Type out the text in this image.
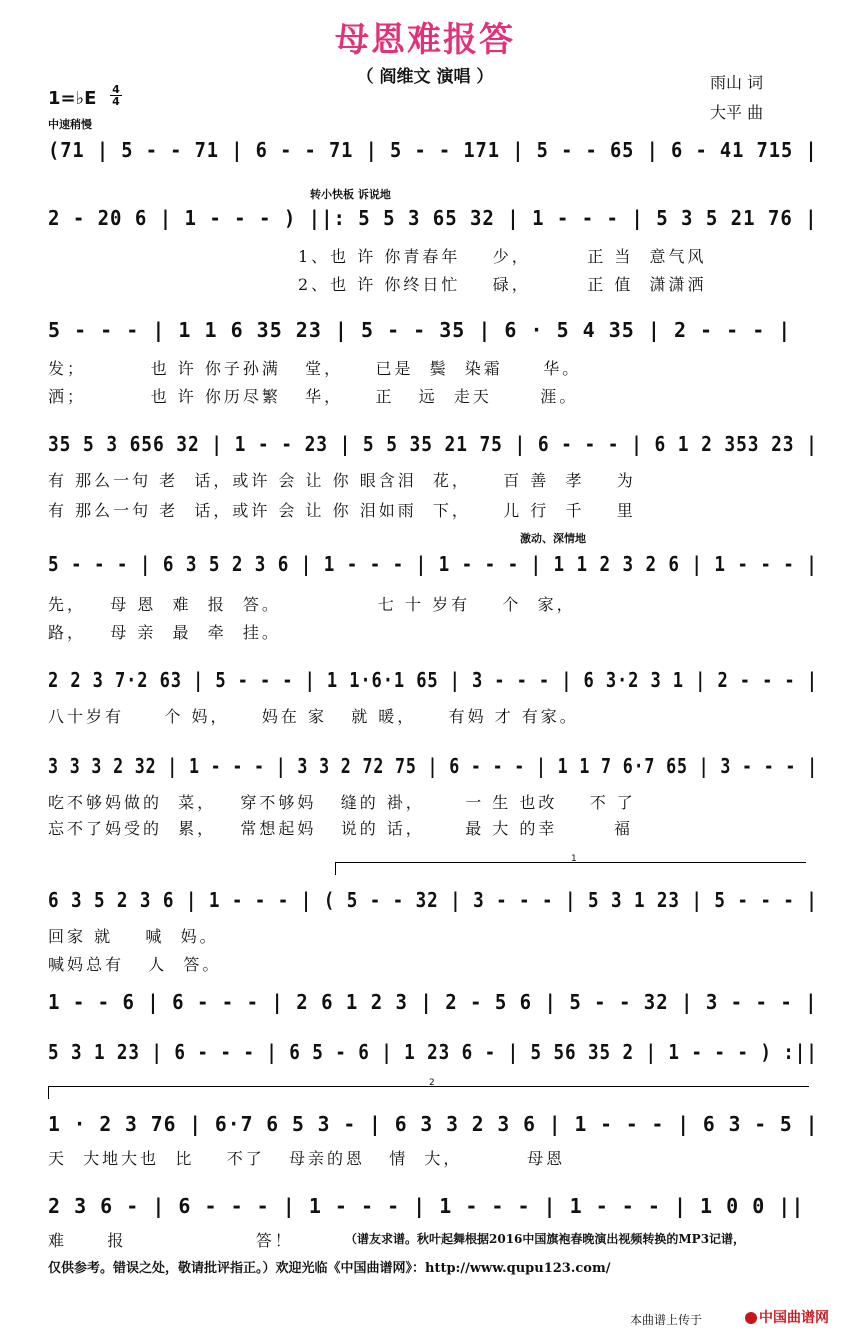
母恩难报答
（ 阎维文 演唱 ）	雨山 词
大平 曲
1=♭E $\frac{4}{4}$
中速稍慢
(71 | 5 - - 71 | 6 - - 71 | 5 - - 171 | 5 - - 65 | 6 - 41 715 |
转小快板 诉说地
2 - 20 6 | 1 - - - ) ||: 5 5 3 65 32 | 1 - - - | 5 3 5 21 76 |
1、也 许 你青春年    少，       正 当  意气风
2、也 许 你终日忙    碌，       正 值  潇潇洒
5 - - - | 1 1 6 35 23 | 5 - - 35 | 6 · 5 4 35 | 2 - - - |
发；        也 许 你子孙满   堂，    已是  鬓  染霜     华。
洒；        也 许 你历尽繁   华，    正   远  走天      涯。
35 5 3 656 32 | 1 - - 23 | 5 5 35 21 75 | 6 - - - | 6 1 2 353 23 |
有 那么一句 老  话，或许 会 让 你 眼含泪  花，    百 善  孝    为
有 那么一句 老  话，或许 会 让 你 泪如雨  下，    儿 行  千    里
激动、深情地
5 - - - | 6 3 5 2 3 6 | 1 - - - | 1 - - - | 1 1 2 3 2 6 | 1 - - - |
先，   母 恩  难  报  答。            七 十 岁有    个  家，
路，   母 亲  最  牵  挂。
2 2 3 7·2 63 | 5 - - - | 1 1·6·1 65 | 3 - - - | 6 3·2 3 1 | 2 - - - |
八十岁有     个 妈，    妈在 家   就 暖，    有妈 才 有家。
3 3 3 2 32 | 1 - - - | 3 3 2 72 75 | 6 - - - | 1 1 7 6·7 65 | 3 - - - |
吃不够妈做的  菜，   穿不够妈   缝的 褂，     一 生 也改    不 了
忘不了妈受的  累，   常想起妈   说的 话，     最 大 的幸       福
1
6 3 5 2 3 6 | 1 - - - | ( 5 - - 32 | 3 - - - | 5 3 1 23 | 5 - - - |
回家 就    喊  妈。
喊妈总有   人  答。
1 - - 6 | 6 - - - | 2 6 1 2 3 | 2 - 5 6 | 5 - - 32 | 3 - - - |
5 3 1 23 | 6 - - - | 6 5 - 6 | 1 23 6 - | 5 56 35 2 | 1 - - - ) :||
2
1 · 2 3 76 | 6·7 6 5 3 - | 6 3 3 2 3 6 | 1 - - - | 6 3 - 5 |
天  大地大也  比    不了   母亲的恩   情  大，        母恩
2 3 6 - | 6 - - - | 1 - - - | 1 - - - | 1 - - - | 1 0 0 ||
难     报                答！	（谱友求谱。秋叶起舞根据2016中国旗袍春晚演出视频转换的MP3记谱，
仅供参考。错误之处，敬请批评指正。）欢迎光临《中国曲谱网》：http://www.qupu123.com/
本曲谱上传于	中国曲谱网
